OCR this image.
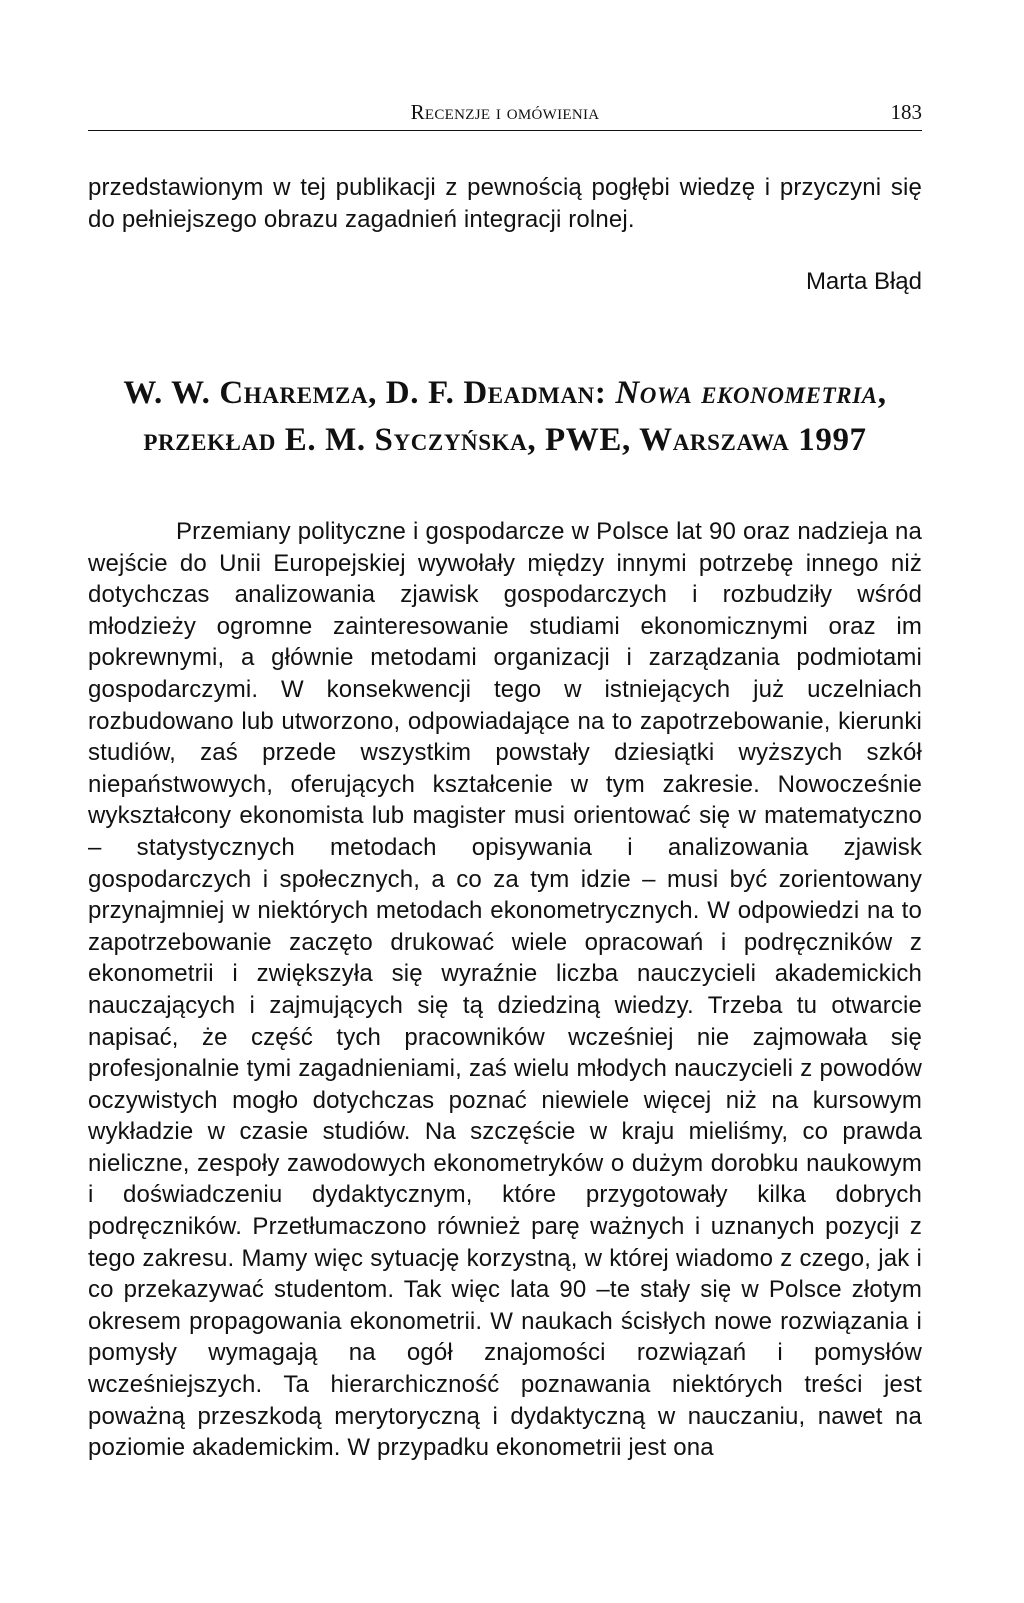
Recenzje i omówienia	183

przedstawionym w tej publikacji z pewnością pogłębi wiedzę i przyczyni się do pełniejszego obrazu zagadnień integracji rolnej.

Marta Błąd
W. W. Charemza, D. F. Deadman: Nowa ekonometria, przekład E. M. Syczyńska, PWE, Warszawa 1997

Przemiany polityczne i gospodarcze w Polsce lat 90 oraz nadzieja na wejście do Unii Europejskiej wywołały między innymi potrzebę innego niż dotychczas analizowania zjawisk gospodarczych i rozbudziły wśród młodzieży ogromne zainteresowanie studiami ekonomicznymi oraz im pokrewnymi, a głównie metodami organizacji i zarządzania podmiotami gospodarczymi. W konsekwencji tego w istniejących już uczelniach rozbudowano lub utworzono, odpowiadające na to zapotrzebowanie, kierunki studiów, zaś przede wszystkim powstały dziesiątki wyższych szkół niepaństwowych, oferujących kształcenie w tym zakresie. Nowocześnie wykształcony ekonomista lub magister musi orientować się w matematyczno – statystycznych metodach opisywania i analizowania zjawisk gospodarczych i społecznych, a co za tym idzie – musi być zorientowany przynajmniej w niektórych metodach ekonometrycznych. W odpowiedzi na to zapotrzebowanie zaczęto drukować wiele opracowań i podręczników z ekonometrii i zwiększyła się wyraźnie liczba nauczycieli akademickich nauczających i zajmujących się tą dziedziną wiedzy. Trzeba tu otwarcie napisać, że część tych pracowników wcześniej nie zajmowała się profesjonalnie tymi zagadnieniami, zaś wielu młodych nauczycieli z powodów oczywistych mogło dotychczas poznać niewiele więcej niż na kursowym wykładzie w czasie studiów. Na szczęście w kraju mieliśmy, co prawda nieliczne, zespoły zawodowych ekonometryków o dużym dorobku naukowym i doświadczeniu dydaktycznym, które przygotowały kilka dobrych podręczników. Przetłumaczono również parę ważnych i uznanych pozycji z tego zakresu. Mamy więc sytuację korzystną, w której wiadomo z czego, jak i co przekazywać studentom. Tak więc lata 90 –te stały się w Polsce złotym okresem propagowania ekonometrii. W naukach ścisłych nowe rozwiązania i pomysły wymagają na ogół znajomości rozwiązań i pomysłów wcześniejszych. Ta hierarchiczność poznawania niektórych treści jest poważną przeszkodą merytoryczną i dydaktyczną w nauczaniu, nawet na poziomie akademickim. W przypadku ekonometrii jest ona
